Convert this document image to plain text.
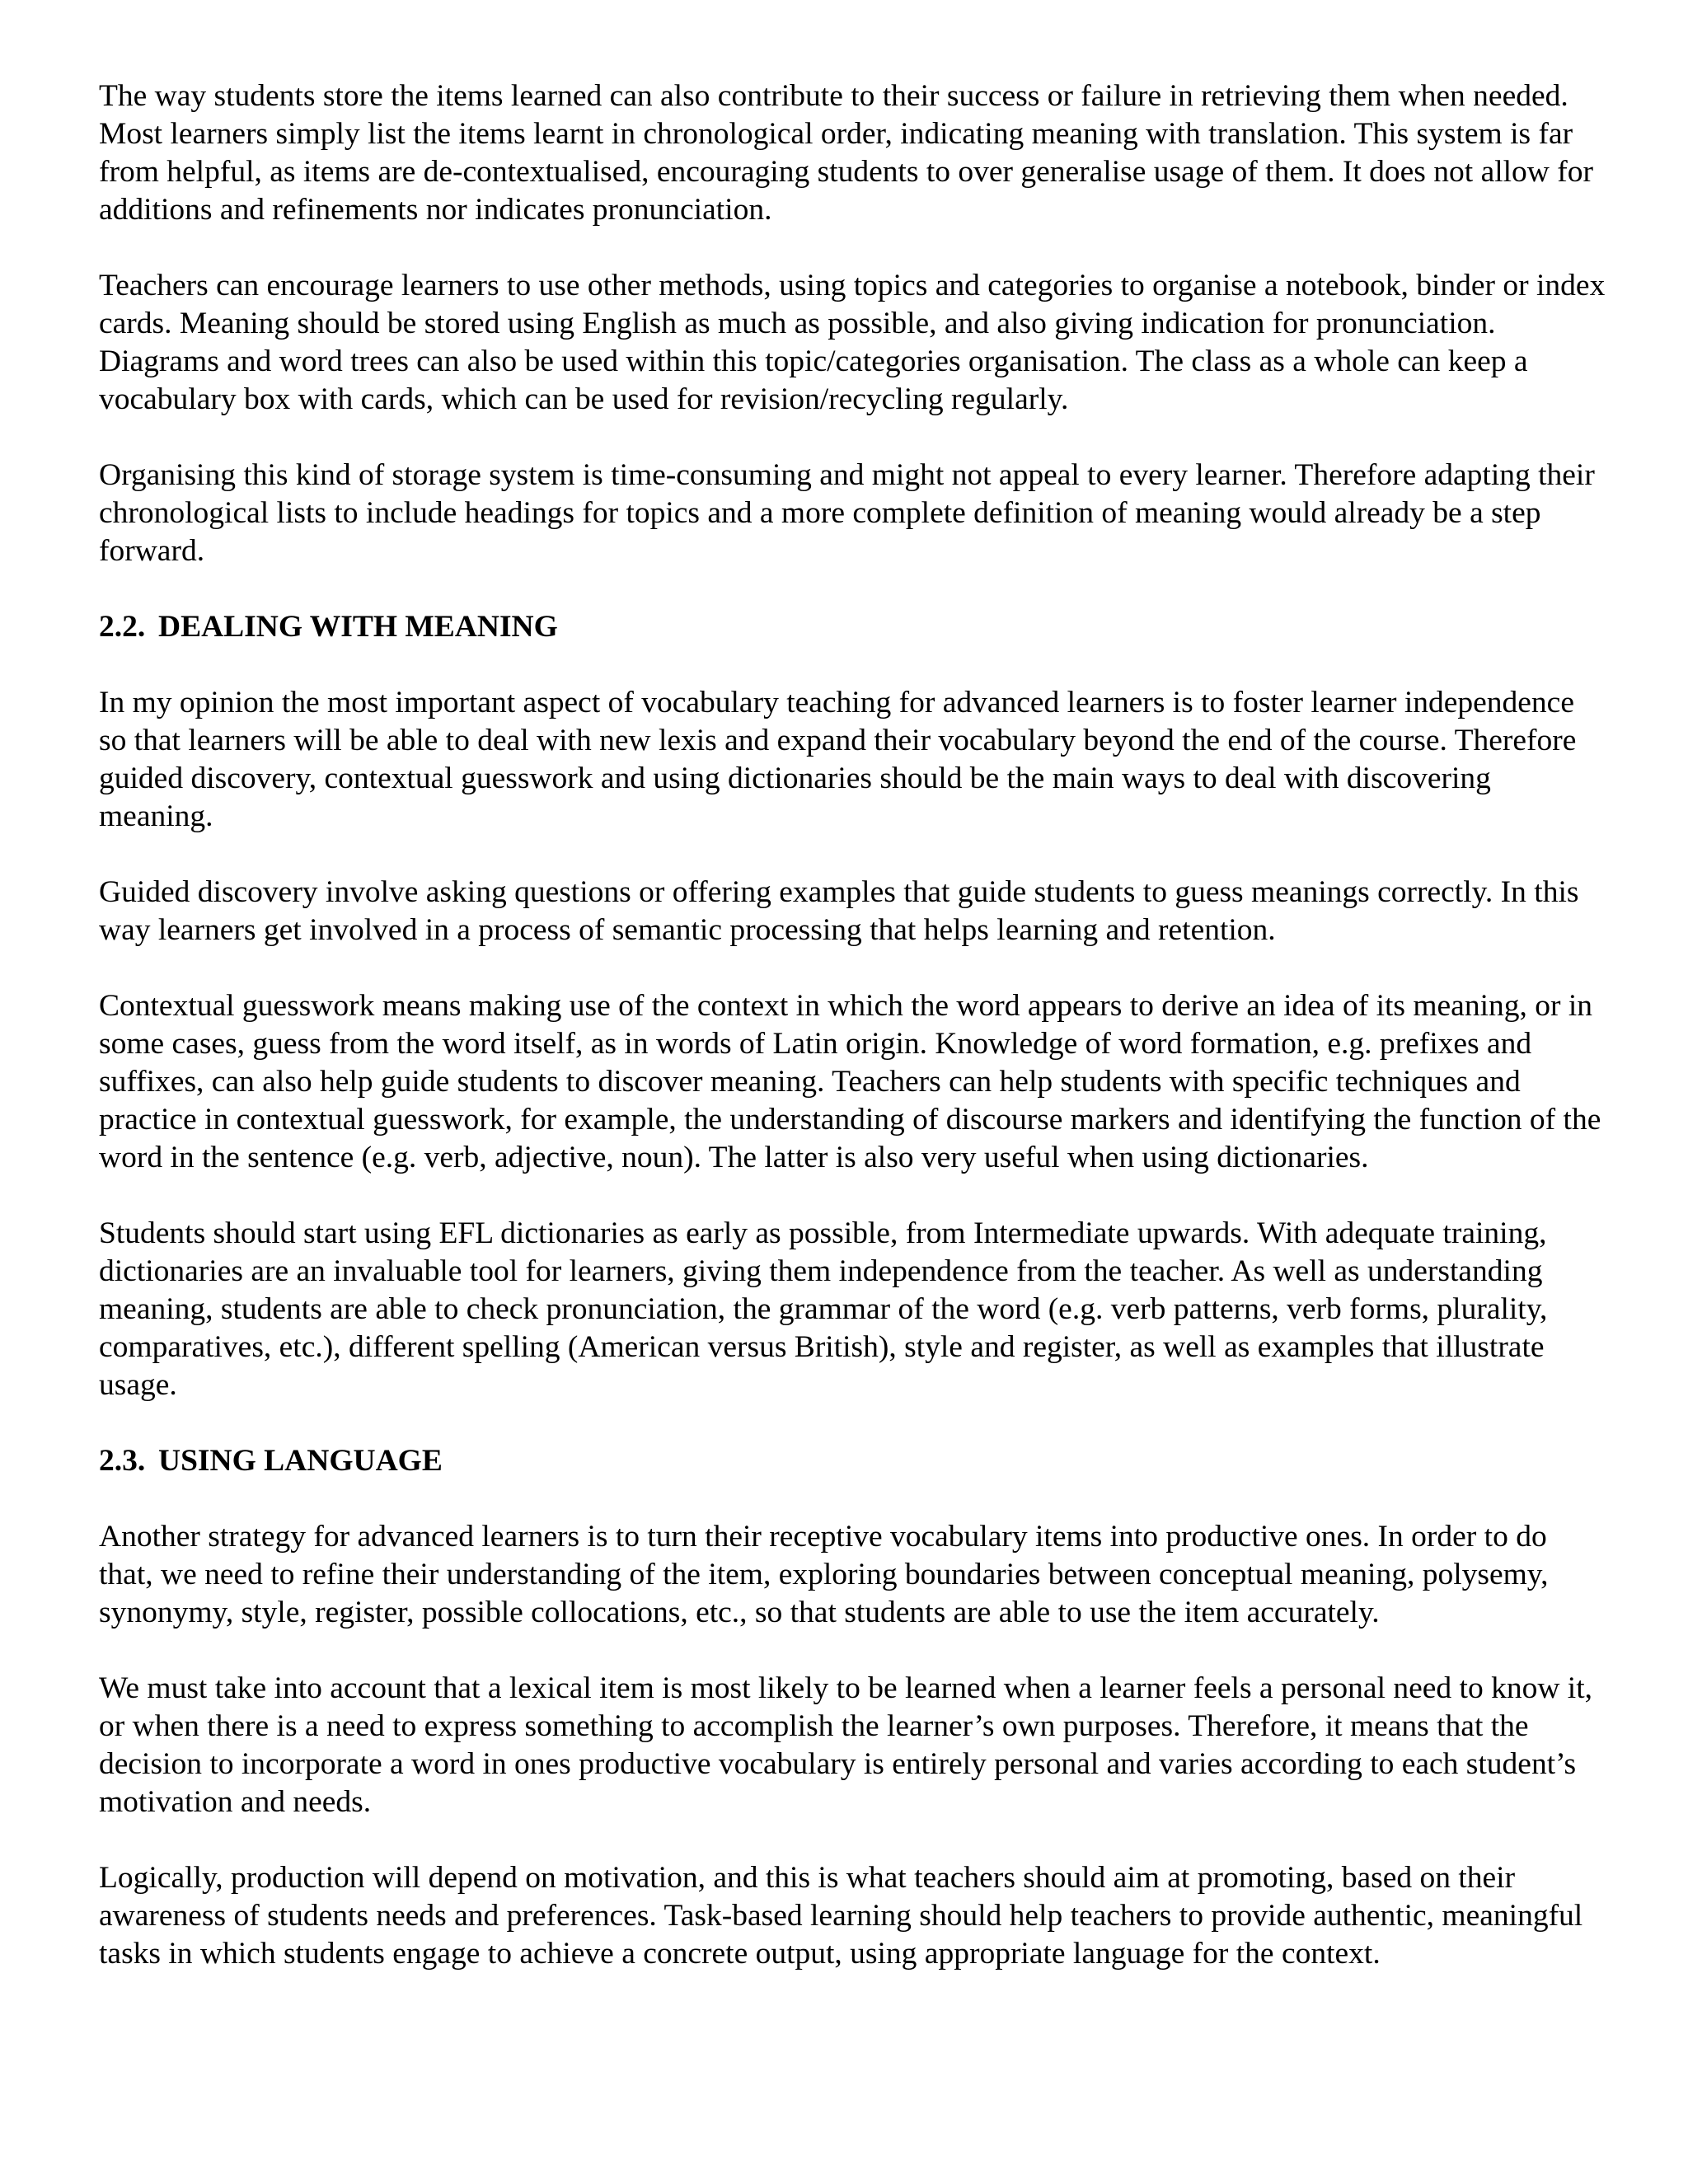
The way students store the items learned can also contribute to their success or failure in retrieving them when needed. Most learners simply list the items learnt in chronological order, indicating meaning with translation. This system is far from helpful, as items are de-contextualised, encouraging students to over generalise usage of them. It does not allow for additions and refinements nor indicates pronunciation.

Teachers can encourage learners to use other methods, using topics and categories to organise a notebook, binder or index cards. Meaning should be stored using English as much as possible, and also giving indication for pronunciation. Diagrams and word trees can also be used within this topic/categories organisation. The class as a whole can keep a vocabulary box with cards, which can be used for revision/recycling regularly.

Organising this kind of storage system is time-consuming and might not appeal to every learner. Therefore adapting their chronological lists to include headings for topics and a more complete definition of meaning would already be a step forward.

2.2. DEALING WITH MEANING

In my opinion the most important aspect of vocabulary teaching for advanced learners is to foster learner independence so that learners will be able to deal with new lexis and expand their vocabulary beyond the end of the course. Therefore guided discovery, contextual guesswork and using dictionaries should be the main ways to deal with discovering meaning.

Guided discovery involve asking questions or offering examples that guide students to guess meanings correctly. In this way learners get involved in a process of semantic processing that helps learning and retention.

Contextual guesswork means making use of the context in which the word appears to derive an idea of its meaning, or in some cases, guess from the word itself, as in words of Latin origin. Knowledge of word formation, e.g. prefixes and suffixes, can also help guide students to discover meaning. Teachers can help students with specific techniques and practice in contextual guesswork, for example, the understanding of discourse markers and identifying the function of the word in the sentence (e.g. verb, adjective, noun). The latter is also very useful when using dictionaries.

Students should start using EFL dictionaries as early as possible, from Intermediate upwards. With adequate training, dictionaries are an invaluable tool for learners, giving them independence from the teacher. As well as understanding meaning, students are able to check pronunciation, the grammar of the word (e.g. verb patterns, verb forms, plurality, comparatives, etc.), different spelling (American versus British), style and register, as well as examples that illustrate usage.

2.3. USING LANGUAGE

Another strategy for advanced learners is to turn their receptive vocabulary items into productive ones. In order to do that, we need to refine their understanding of the item, exploring boundaries between conceptual meaning, polysemy, synonymy, style, register, possible collocations, etc., so that students are able to use the item accurately.

We must take into account that a lexical item is most likely to be learned when a learner feels a personal need to know it, or when there is a need to express something to accomplish the learner’s own purposes. Therefore, it means that the decision to incorporate a word in ones productive vocabulary is entirely personal and varies according to each student’s motivation and needs.

Logically, production will depend on motivation, and this is what teachers should aim at promoting, based on their awareness of students needs and preferences. Task-based learning should help teachers to provide authentic, meaningful tasks in which students engage to achieve a concrete output, using appropriate language for the context.
